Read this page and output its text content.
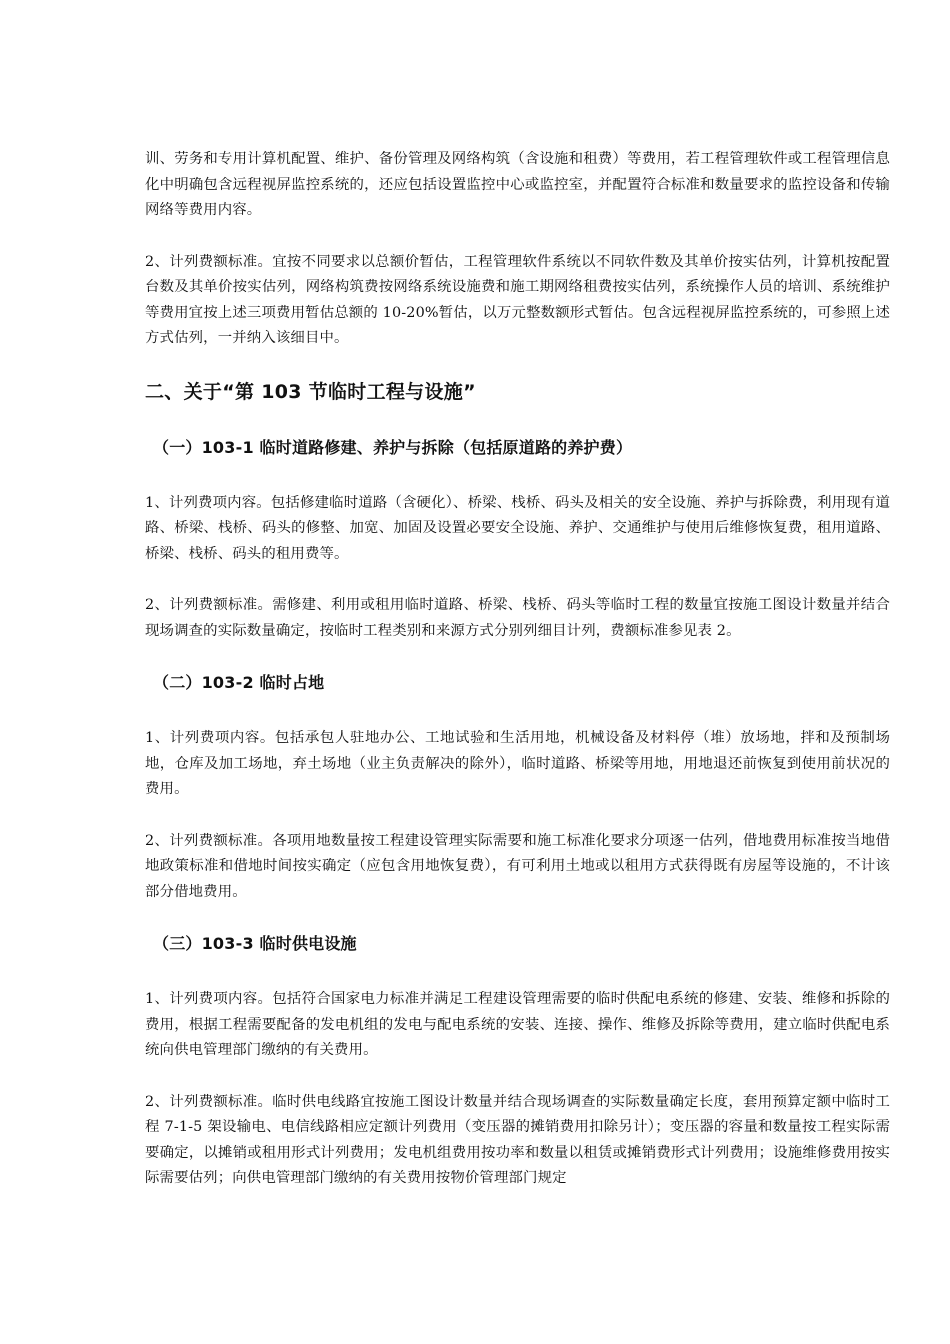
训、劳务和专用计算机配置、维护、备份管理及网络构筑（含设施和租费）等费用，若工程管理软件或工程管理信息化中明确包含远程视屏监控系统的，还应包括设置监控中心或监控室，并配置符合标准和数量要求的监控设备和传输网络等费用内容。

2、计列费额标准。宜按不同要求以总额价暂估，工程管理软件系统以不同软件数及其单价按实估列，计算机按配置台数及其单价按实估列，网络构筑费按网络系统设施费和施工期网络租费按实估列，系统操作人员的培训、系统维护等费用宜按上述三项费用暂估总额的 10-20%暂估，以万元整数额形式暂估。包含远程视屏监控系统的，可参照上述方式估列，一并纳入该细目中。

二、关于“第 103 节临时工程与设施”
（一）103-1 临时道路修建、养护与拆除（包括原道路的养护费）

1、计列费项内容。包括修建临时道路（含硬化）、桥梁、栈桥、码头及相关的安全设施、养护与拆除费，利用现有道路、桥梁、栈桥、码头的修整、加宽、加固及设置必要安全设施、养护、交通维护与使用后维修恢复费，租用道路、桥梁、栈桥、码头的租用费等。

2、计列费额标准。需修建、利用或租用临时道路、桥梁、栈桥、码头等临时工程的数量宜按施工图设计数量并结合现场调查的实际数量确定，按临时工程类别和来源方式分别列细目计列，费额标准参见表 2。

（二）103-2 临时占地

1、计列费项内容。包括承包人驻地办公、工地试验和生活用地，机械设备及材料停（堆）放场地，拌和及预制场地，仓库及加工场地，弃土场地（业主负责解决的除外），临时道路、桥梁等用地，用地退还前恢复到使用前状况的费用。

2、计列费额标准。各项用地数量按工程建设管理实际需要和施工标准化要求分项逐一估列，借地费用标准按当地借地政策标准和借地时间按实确定（应包含用地恢复费），有可利用土地或以租用方式获得既有房屋等设施的，不计该部分借地费用。

（三）103-3 临时供电设施

1、计列费项内容。包括符合国家电力标准并满足工程建设管理需要的临时供配电系统的修建、安装、维修和拆除的费用，根据工程需要配备的发电机组的发电与配电系统的安装、连接、操作、维修及拆除等费用，建立临时供配电系统向供电管理部门缴纳的有关费用。

2、计列费额标准。临时供电线路宜按施工图设计数量并结合现场调查的实际数量确定长度，套用预算定额中临时工程 7-1-5 架设输电、电信线路相应定额计列费用（变压器的摊销费用扣除另计）；变压器的容量和数量按工程实际需要确定，以摊销或租用形式计列费用；发电机组费用按功率和数量以租赁或摊销费形式计列费用；设施维修费用按实际需要估列；向供电管理部门缴纳的有关费用按物价管理部门规定
